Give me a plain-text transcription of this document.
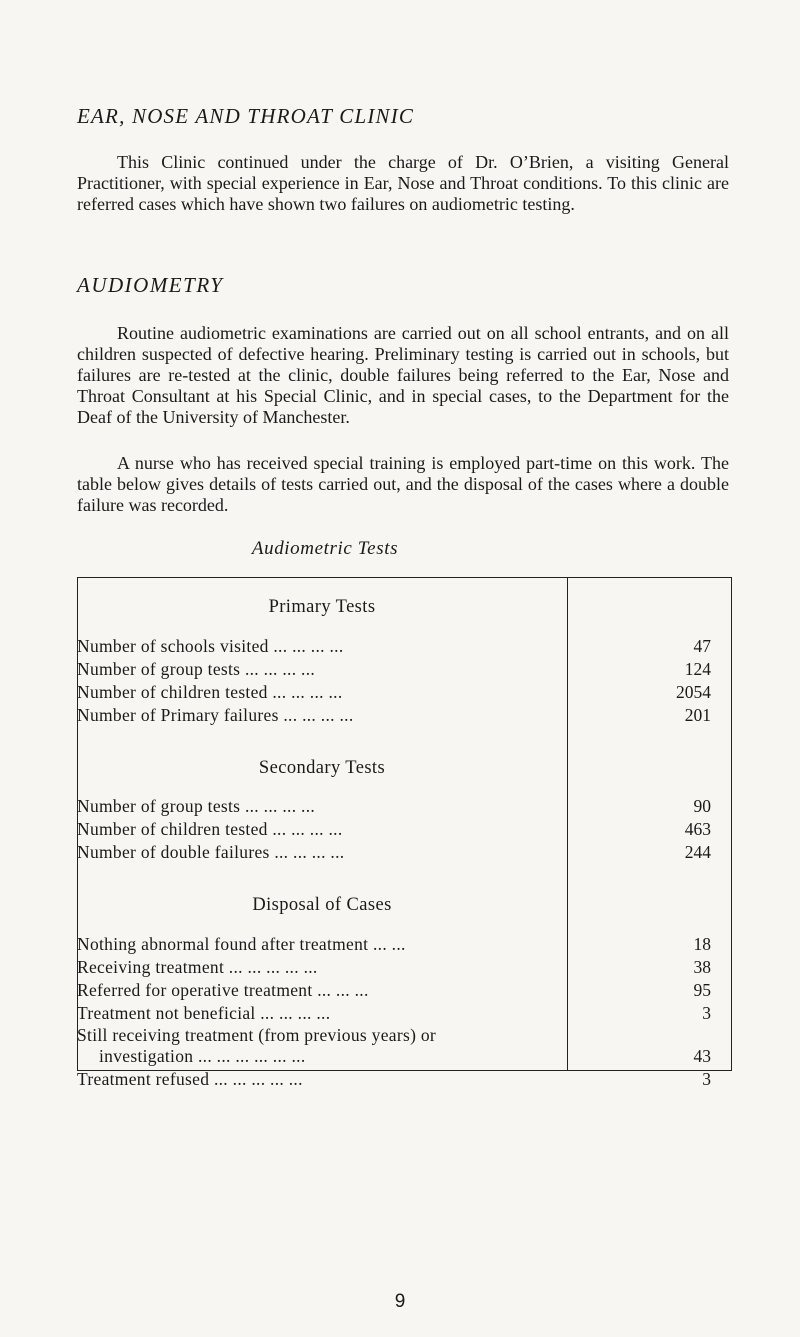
EAR, NOSE AND THROAT CLINIC

This Clinic continued under the charge of Dr. O’Brien, a visiting General Practitioner, with special experience in Ear, Nose and Throat conditions. To this clinic are referred cases which have shown two failures on audiometric testing.

AUDIOMETRY

Routine audiometric examinations are carried out on all school entrants, and on all children suspected of defective hearing. Preliminary testing is carried out in schools, but failures are re-tested at the clinic, double failures being referred to the Ear, Nose and Throat Consultant at his Special Clinic, and in special cases, to the Department for the Deaf of the University of Manchester.

A nurse who has received special training is employed part-time on this work. The table below gives details of tests carried out, and the disposal of the cases where a double failure was recorded.

Audiometric Tests
Primary Tests
Number of schools visited ... ... ... ...	47
Number of group tests ... ... ... ...	124
Number of children tested ... ... ... ...	2054
Number of Primary failures ... ... ... ...	201
Secondary Tests
Number of group tests ... ... ... ...	90
Number of children tested ... ... ... ...	463
Number of double failures ... ... ... ...	244
Disposal of Cases
Nothing abnormal found after treatment ... ...	18
Receiving treatment ... ... ... ... ...	38
Referred for operative treatment ... ... ...	95
Treatment not beneficial ... ... ... ...	3
Still receiving treatment (from previous years) or
investigation ... ... ... ... ... ...	43
Treatment refused ... ... ... ... ...	3
9
